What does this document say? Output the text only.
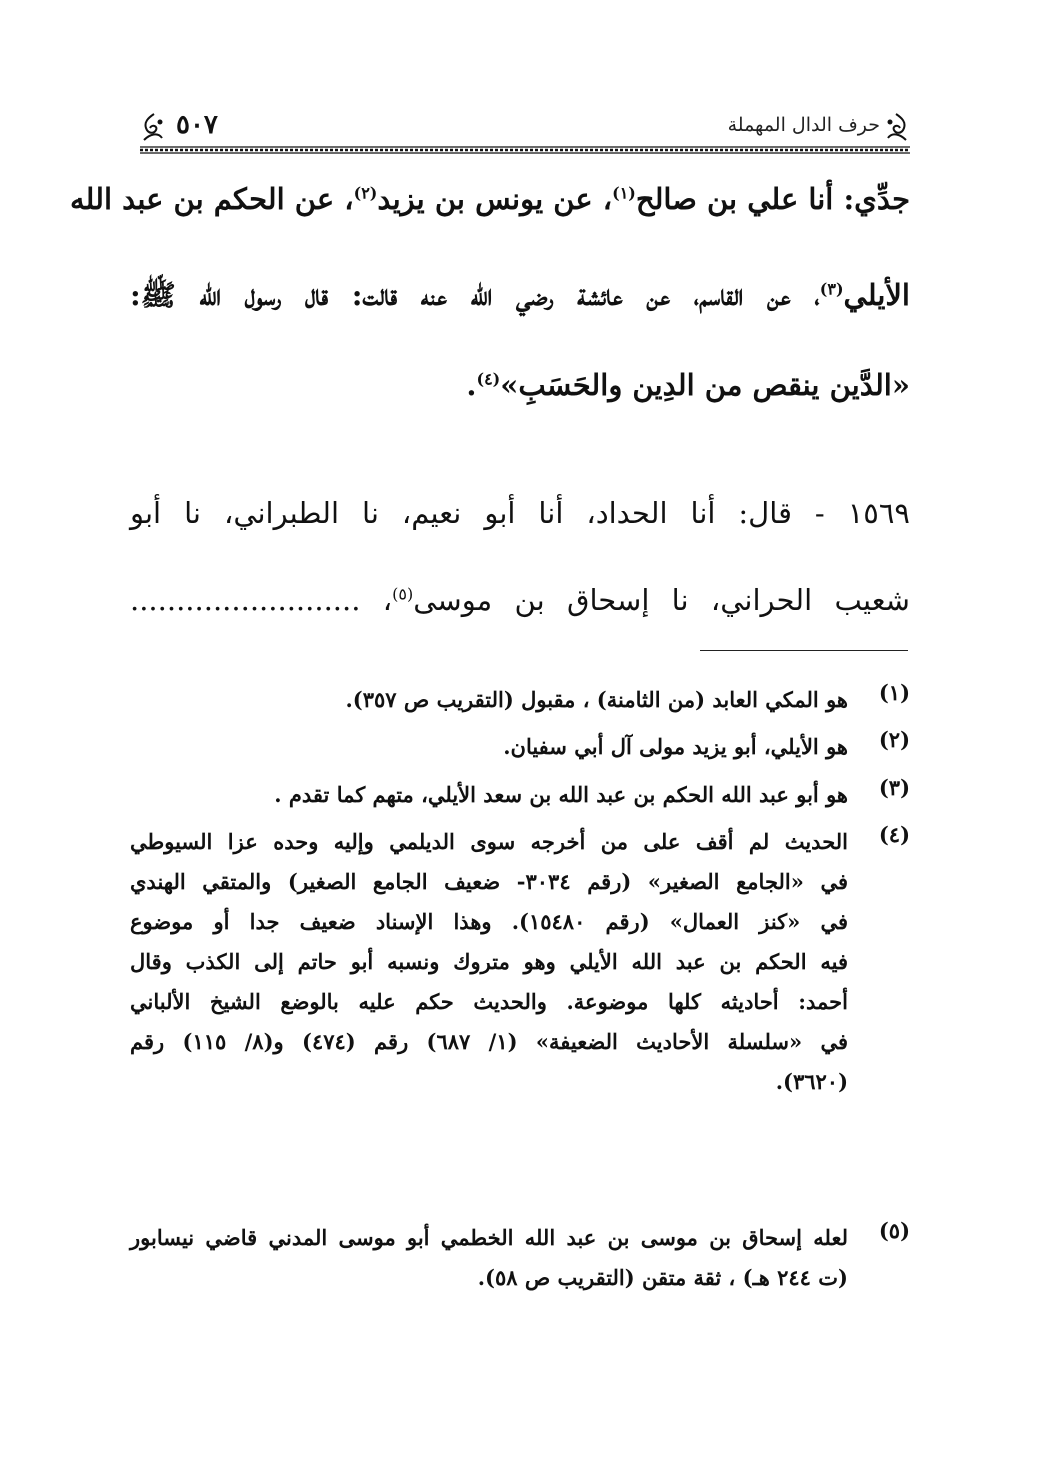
حرف الدال المهملة
٥٠٧
جدِّي: أنا علي بن صالح$^{(١)}$، عن يونس بن يزيد$^{(٢)}$، عن الحكم بن عبد الله
الأيلي$^{(٣)}$، عن القاسم، عن عائشة رضي الله عنه قالت: قال رسول الله ﷺ:
«الدَّين ينقص من الدِين والحَسَبِ»$^{(٤)}$.
١٥٦٩ - قال: أنا الحداد، أنا أبو نعيم، نا الطبراني، نا أبو
شعيب الحراني، نا إسحاق بن موسى$^{(٥)}$، .........................
(١)
هو المكي العابد (من الثامنة) ، مقبول (التقريب ص ٣٥٧).
(٢)
هو الأيلي، أبو يزيد مولى آل أبي سفيان.
(٣)
هو أبو عبد الله الحكم بن عبد الله بن سعد الأيلي، متهم كما تقدم .
(٤)
الحديث لم أقف على من أخرجه سوى الديلمي وإليه وحده عزا السيوطي
في «الجامع الصغير» (رقم ٣٠٣٤- ضعيف الجامع الصغير) والمتقي الهندي
في «كنز العمال» (رقم ١٥٤٨٠). وهذا الإسناد ضعيف جدا أو موضوع
فيه الحكم بن عبد الله الأيلي وهو متروك ونسبه أبو حاتم إلى الكذب وقال
أحمد: أحاديثه كلها موضوعة. والحديث حكم عليه بالوضع الشيخ الألباني
في «سلسلة الأحاديث الضعيفة» (١/ ٦٨٧) رقم (٤٧٤) و(٨/ ١١٥) رقم
(٣٦٢٠).
(٥)
لعله إسحاق بن موسى بن عبد الله الخطمي أبو موسى المدني قاضي نيسابور
(ت ٢٤٤ هـ) ، ثقة متقن (التقريب ص ٥٨).
